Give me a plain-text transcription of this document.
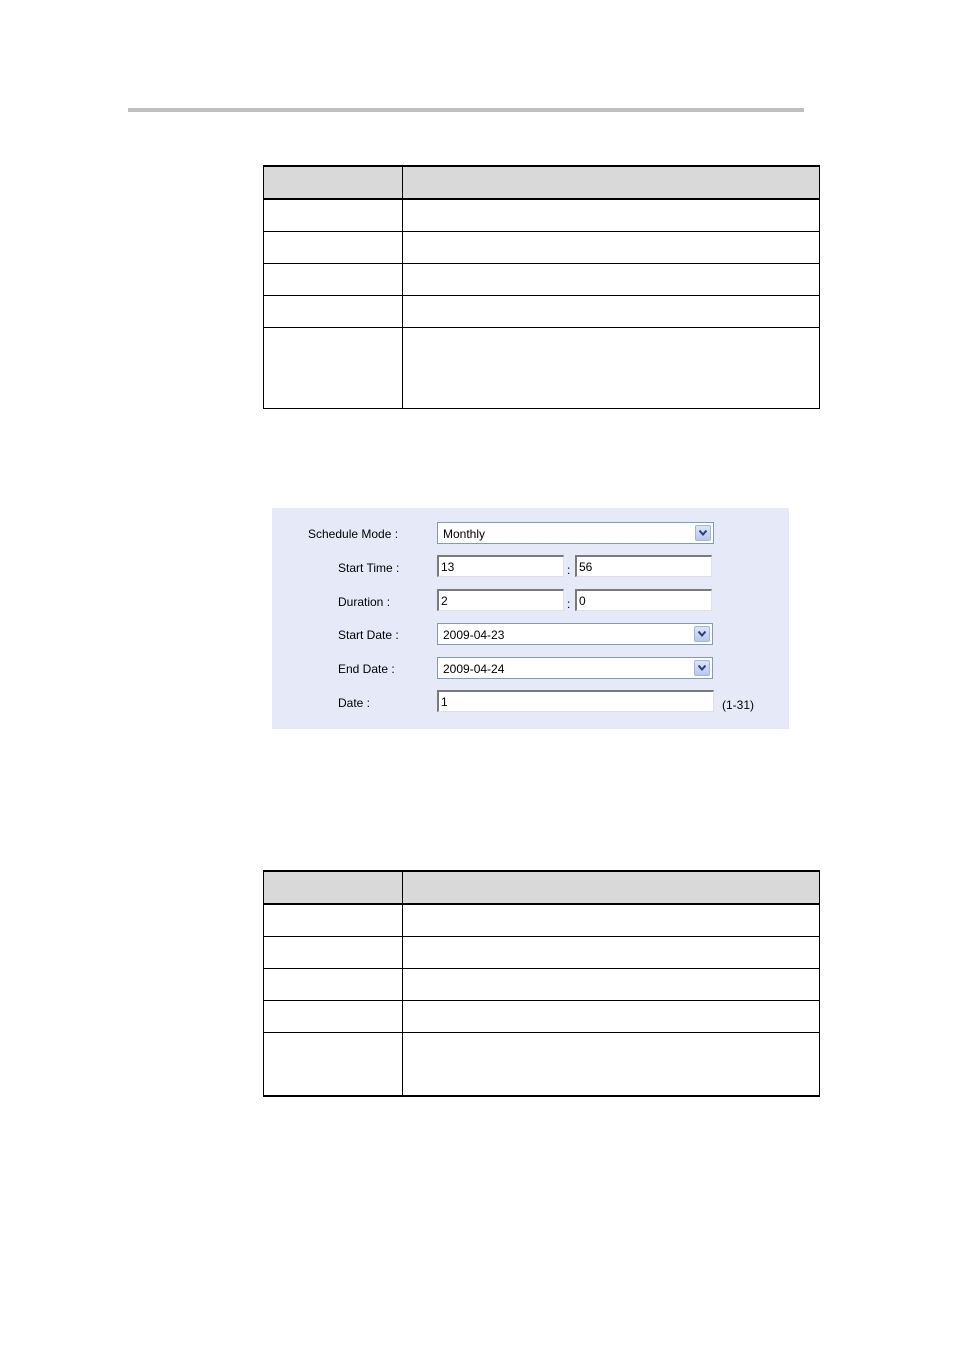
Schedule Mode :	Monthly
Start Time :	13	: 56
Duration :	2	: 0
Start Date :	2009-04-23
End Date :	2009-04-24
Date :	1	(1-31)
